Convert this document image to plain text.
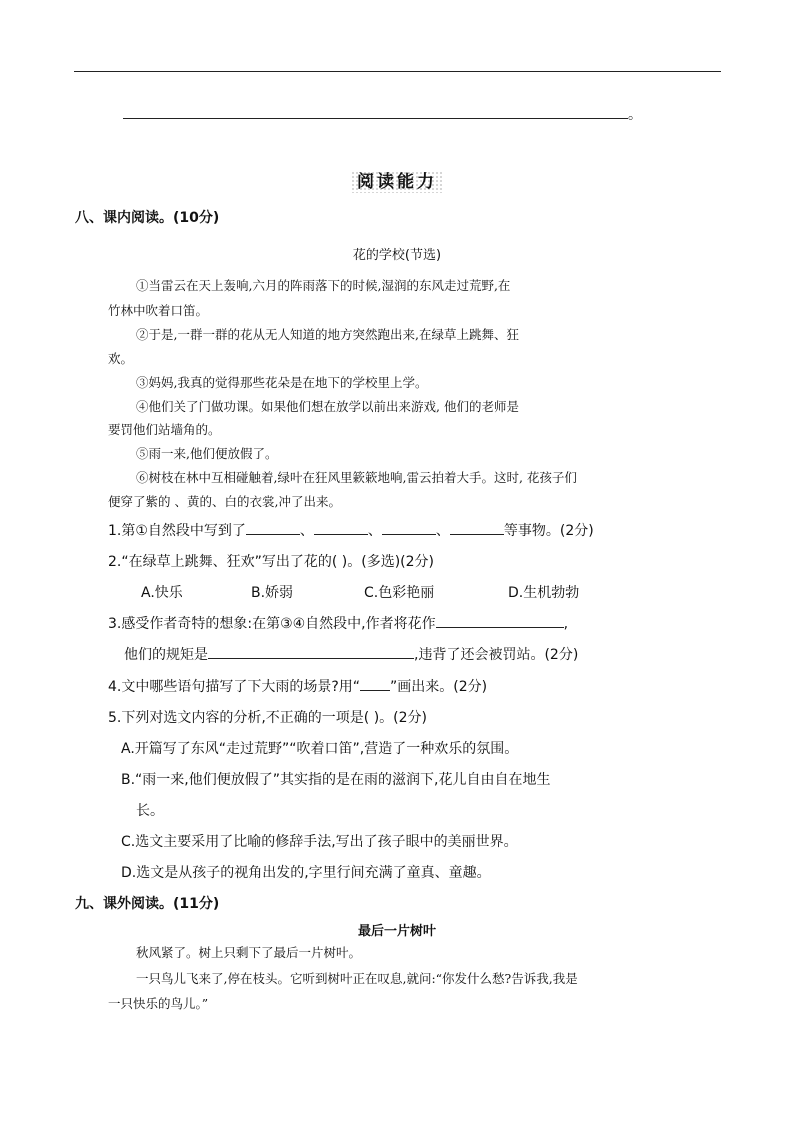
。
阅读能力
八、课内阅读。(10分)
花的学校(节选)
①当雷云在天上轰响,六月的阵雨落下的时候,湿润的东风走过荒野,在
竹林中吹着口笛。
②于是,一群一群的花从无人知道的地方突然跑出来,在绿草上跳舞、狂
欢。
③妈妈,我真的觉得那些花朵是在地下的学校里上学。
④他们关了门做功课。如果他们想在放学以前出来游戏, 他们的老师是
要罚他们站墙角的。
⑤雨一来,他们便放假了。
⑥树枝在林中互相碰触着,绿叶在狂风里簌簌地响,雷云拍着大手。这时, 花孩子们
便穿了紫的 、黄的、白的衣裳,冲了出来。
1.第①自然段中写到了	、	、	、	等事物。(2分)
2.“在绿草上跳舞、狂欢”写出了花的( )。(多选)(2分)
A.快乐	B.娇弱	C.色彩艳丽	D.生机勃勃
3.感受作者奇特的想象:在第③④自然段中,作者将花作	,
他们的规矩是	,违背了还会被罚站。(2分)
4.文中哪些语句描写了下大雨的场景?用“ ”画出来。(2分)
5.下列对选文内容的分析,不正确的一项是( )。(2分)
A.开篇写了东风“走过荒野”“吹着口笛”,营造了一种欢乐的氛围。
B.“雨一来,他们便放假了”其实指的是在雨的滋润下,花儿自由自在地生
长。
C.选文主要采用了比喻的修辞手法,写出了孩子眼中的美丽世界。
D.选文是从孩子的视角出发的,字里行间充满了童真、童趣。
九、课外阅读。(11分)
最后一片树叶
秋风紧了。树上只剩下了最后一片树叶。
一只鸟儿飞来了,停在枝头。它听到树叶正在叹息,就问:“你发什么愁?告诉我,我是
一只快乐的鸟儿。”
